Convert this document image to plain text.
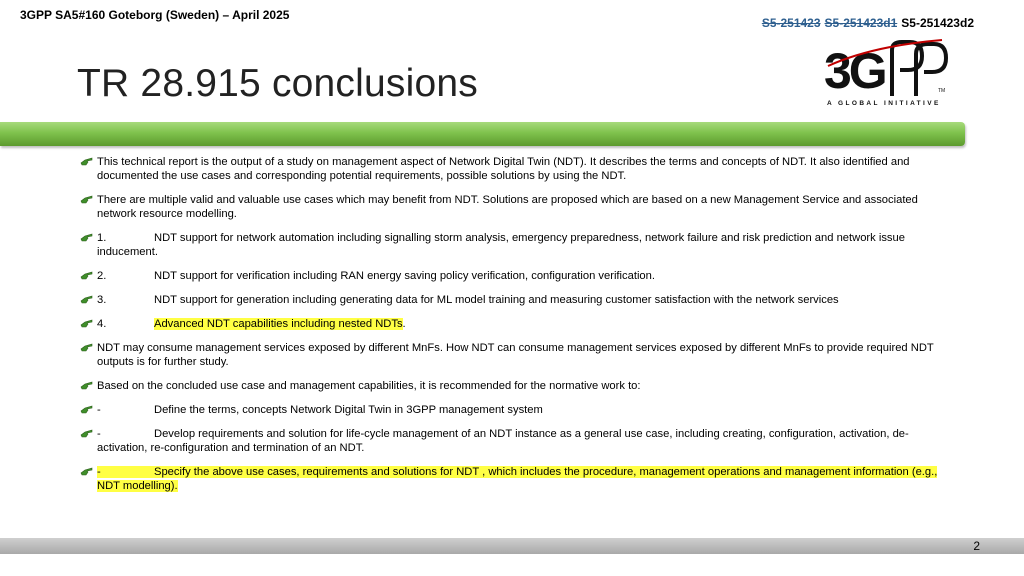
3GPP SA5#160 Goteborg (Sweden) – April 2025
S5-251423 S5-251423d1 S5-251423d2
TR 28.915 conclusions	3G	TM
A GLOBAL INITIATIVE
This technical report is the output of a study on management aspect of Network Digital Twin (NDT). It describes the terms and concepts of NDT. It also identified and documented the use cases and corresponding potential requirements, possible solutions by using the NDT.
There are multiple valid and valuable use cases which may benefit from NDT. Solutions are proposed which are based on a new Management Service and associated network resource modelling.
1.	NDT support for network automation including signalling storm analysis, emergency preparedness, network failure and risk prediction and network issue inducement.
2.	NDT support for verification including RAN energy saving policy verification, configuration verification.
3.	NDT support for generation including generating data for ML model training and measuring customer satisfaction with the network services
4.	Advanced NDT capabilities including nested NDTs.
NDT may consume management services exposed by different MnFs. How NDT can consume management services exposed by different MnFs to provide required NDT outputs is for further study.
Based on the concluded use case and management capabilities, it is recommended for the normative work to:
-	Define the terms, concepts Network Digital Twin in 3GPP management system
-	Develop requirements and solution for life-cycle management of an NDT instance as a general use case, including creating, configuration, activation, de-activation, re-configuration and termination of an NDT.
-	Specify the above use cases, requirements and solutions for NDT , which includes the procedure, management operations and management information (e.g., NDT modelling).
2
